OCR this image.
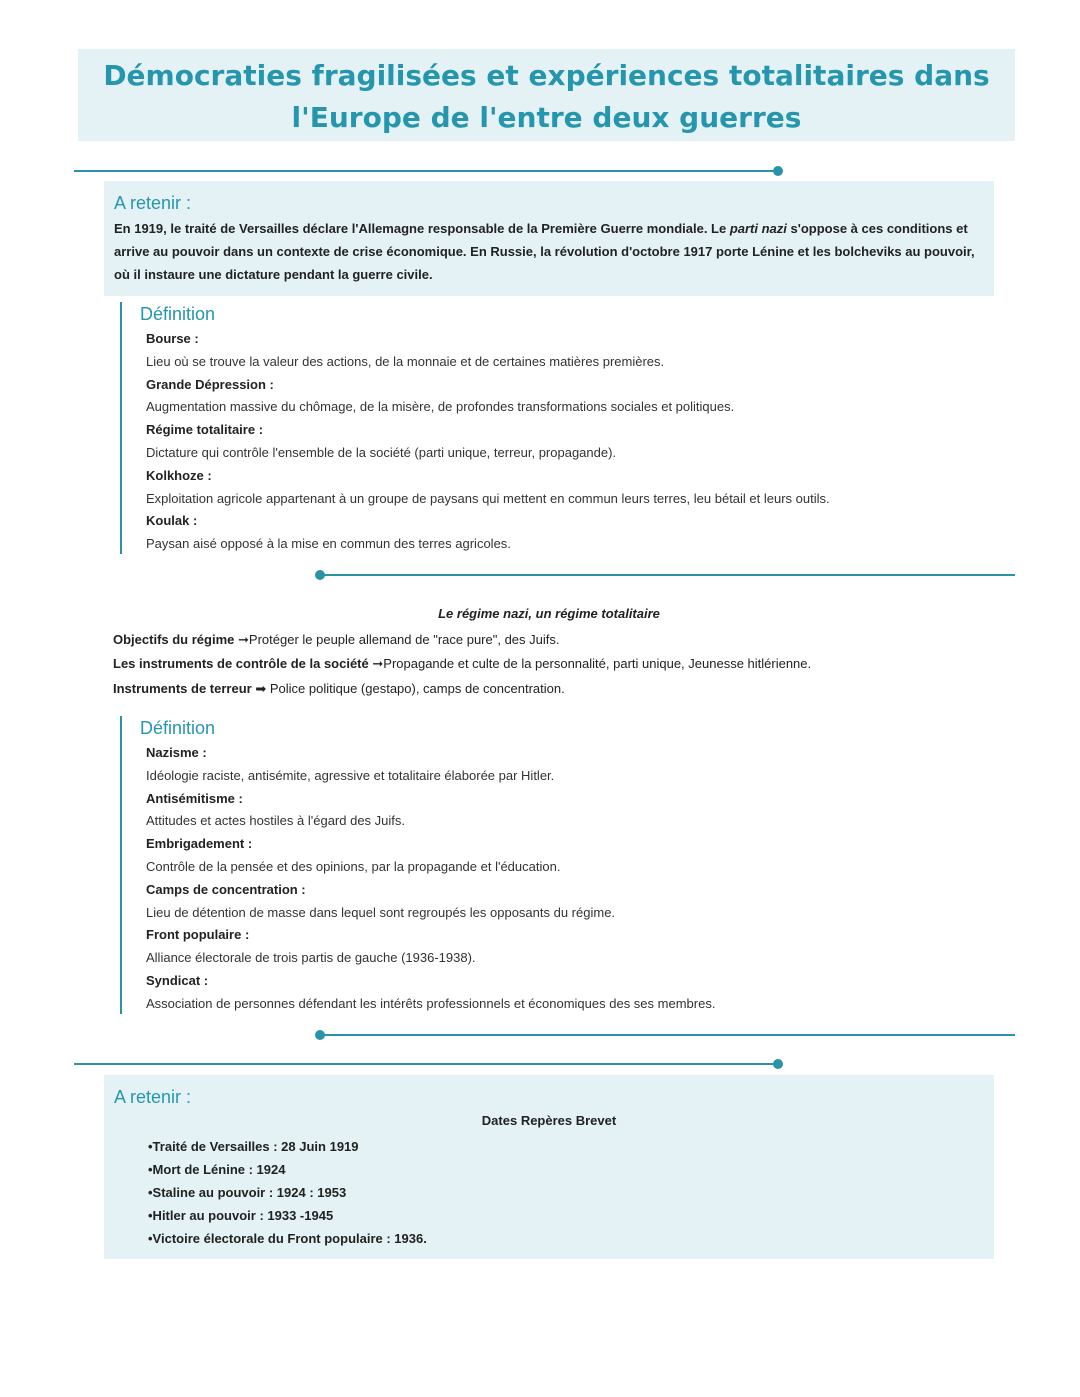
Démocraties fragilisées et expériences totalitaires dans
l'Europe de l'entre deux guerres
A retenir :
En 1919, le traité de Versailles déclare l'Allemagne responsable de la Première Guerre mondiale. Le parti nazi s'oppose à ces conditions et arrive au pouvoir dans un contexte de crise économique. En Russie, la révolution d'octobre 1917 porte Lénine et les bolcheviks au pouvoir, où il instaure une dictature pendant la guerre civile.
Définition
Bourse :
Lieu où se trouve la valeur des actions, de la monnaie et de certaines matières premières.
Grande Dépression :
Augmentation massive du chômage, de la misère, de profondes transformations sociales et politiques.
Régime totalitaire :
Dictature qui contrôle l'ensemble de la société (parti unique, terreur, propagande).
Kolkhoze :
Exploitation agricole appartenant à un groupe de paysans qui mettent en commun leurs terres, leu bétail et leurs outils.
Koulak :
Paysan aisé opposé à la mise en commun des terres agricoles.
Le régime nazi, un régime totalitaire
Objectifs du régime ➞Protéger le peuple allemand de "race pure", des Juifs.
Les instruments de contrôle de la société ➞Propagande et culte de la personnalité, parti unique, Jeunesse hitlérienne.
Instruments de terreur ➡ Police politique (gestapo), camps de concentration.
Définition
Nazisme :
Idéologie raciste, antisémite, agressive et totalitaire élaborée par Hitler.
Antisémitisme :
Attitudes et actes hostiles à l'égard des Juifs.
Embrigadement :
Contrôle de la pensée et des opinions, par la propagande et l'éducation.
Camps de concentration :
Lieu de détention de masse dans lequel sont regroupés les opposants du régime.
Front populaire :
Alliance électorale de trois partis de gauche (1936-1938).
Syndicat :
Association de personnes défendant les intérêts professionnels et économiques des ses membres.
A retenir :
Dates Repères Brevet
•Traité de Versailles : 28 Juin 1919
•Mort de Lénine : 1924
•Staline au pouvoir : 1924 : 1953
•Hitler au pouvoir : 1933 -1945
•Victoire électorale du Front populaire : 1936.
